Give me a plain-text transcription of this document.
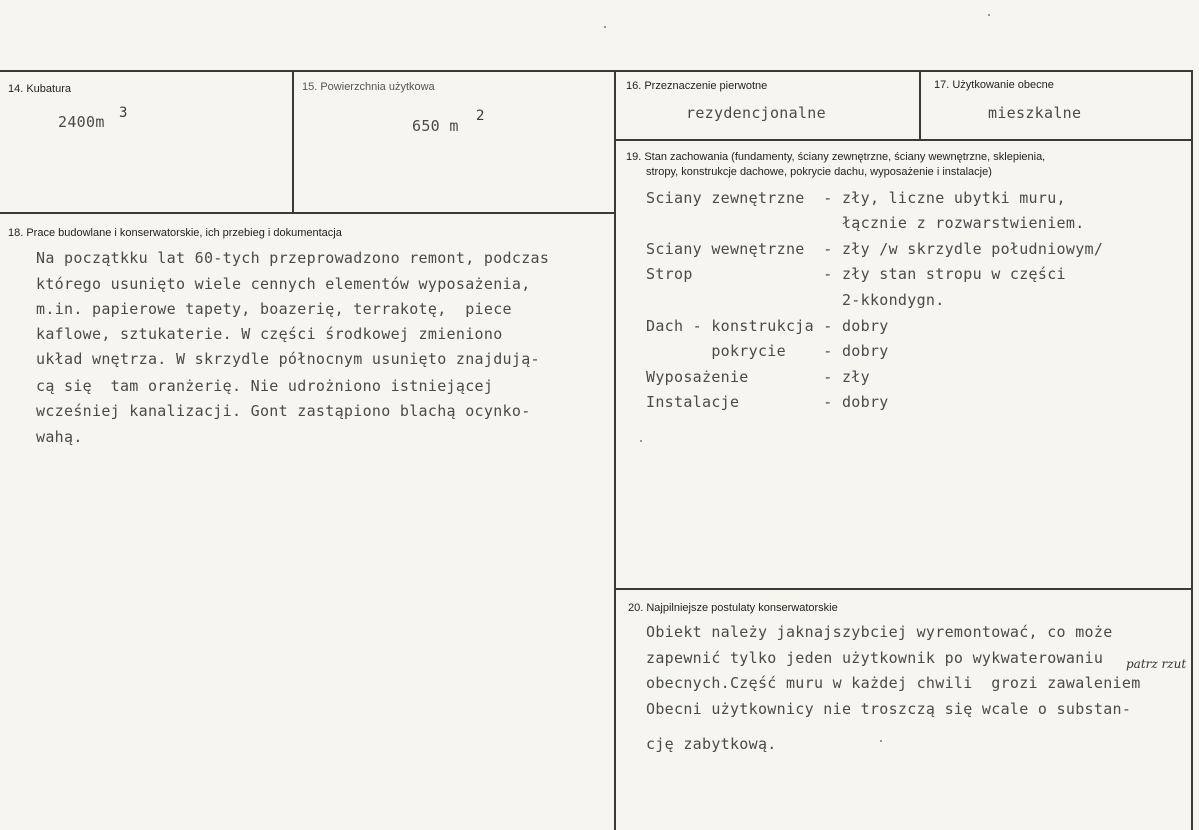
14. Kubatura
2400m 3
15. Powierzchnia użytkowa
650 m
2
16. Przeznaczenie pierwotne
rezydencjonalne
17. Użytkowanie obecne
mieszkalne
18. Prace budowlane i konserwatorskie, ich przebieg i dokumentacja
Na początkku lat 60-tych przeprowadzono remont, podczas
którego usunięto wiele cennych elementów wyposażenia,
m.in. papierowe tapety, boazerię, terrakotę,  piece
kaflowe, sztukaterie. W części środkowej zmieniono
układ wnętrza. W skrzydle północnym usunięto znajdują-
cą się  tam oranżerię. Nie udrożniono istniejącej
wcześniej kanalizacji. Gont zastąpiono blachą ocynko-
wahą.
19. Stan zachowania (fundamenty, ściany zewnętrzne, ściany wewnętrzne, sklepienia,
stropy, konstrukcje dachowe, pokrycie dachu, wyposażenie i instalacje)
Sciany zewnętrzne  - zły, liczne ubytki muru,
łącznie z rozwarstwieniem.
Sciany wewnętrzne  - zły /w skrzydle południowym/
Strop              - zły stan stropu w części
2-kkondygn.
Dach - konstrukcja - dobry
pokrycie    - dobry
Wyposażenie        - zły
Instalacje         - dobry
20. Najpilniejsze postulaty konserwatorskie
Obiekt należy jaknajszybciej wyremontować, co może
zapewnić tylko jeden użytkownik po wykwaterowaniu
obecnych.Część muru w każdej chwili  grozi zawaleniem
Obecni użytkownicy nie troszczą się wcale o substan-
cję zabytkową.
patrz rzut
